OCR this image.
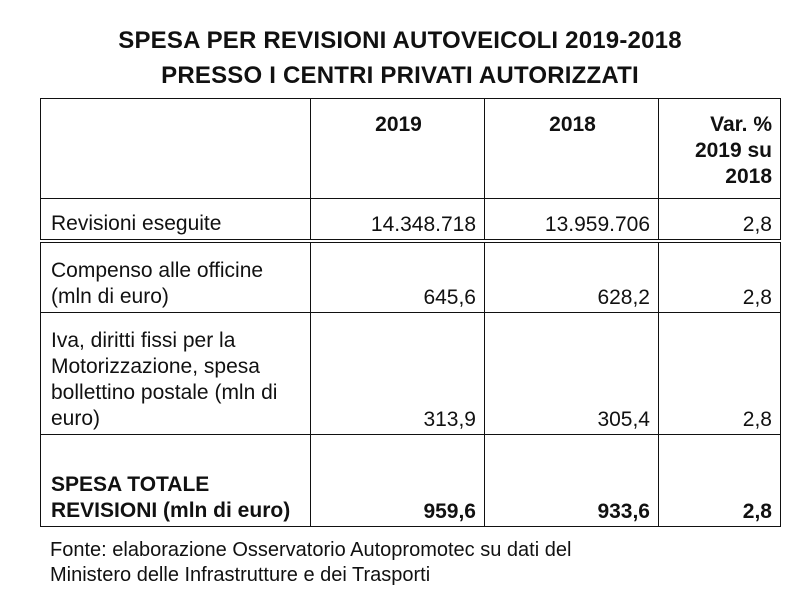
SPESA PER REVISIONI AUTOVEICOLI 2019-2018
PRESSO I CENTRI PRIVATI AUTORIZZATI
	2019	2018	Var. %
2019 su
2018

Revisioni eseguite	14.348.718	13.959.706	2,8
Compenso alle officine (mln di euro)	645,6	628,2	2,8
Iva, diritti fissi per la Motorizzazione, spesa bollettino postale (mln di euro)	313,9	305,4	2,8
SPESA TOTALE REVISIONI (mln di euro)	959,6	933,6	2,8
Fonte: elaborazione Osservatorio Autopromotec su dati del
Ministero delle Infrastrutture e dei Trasporti
